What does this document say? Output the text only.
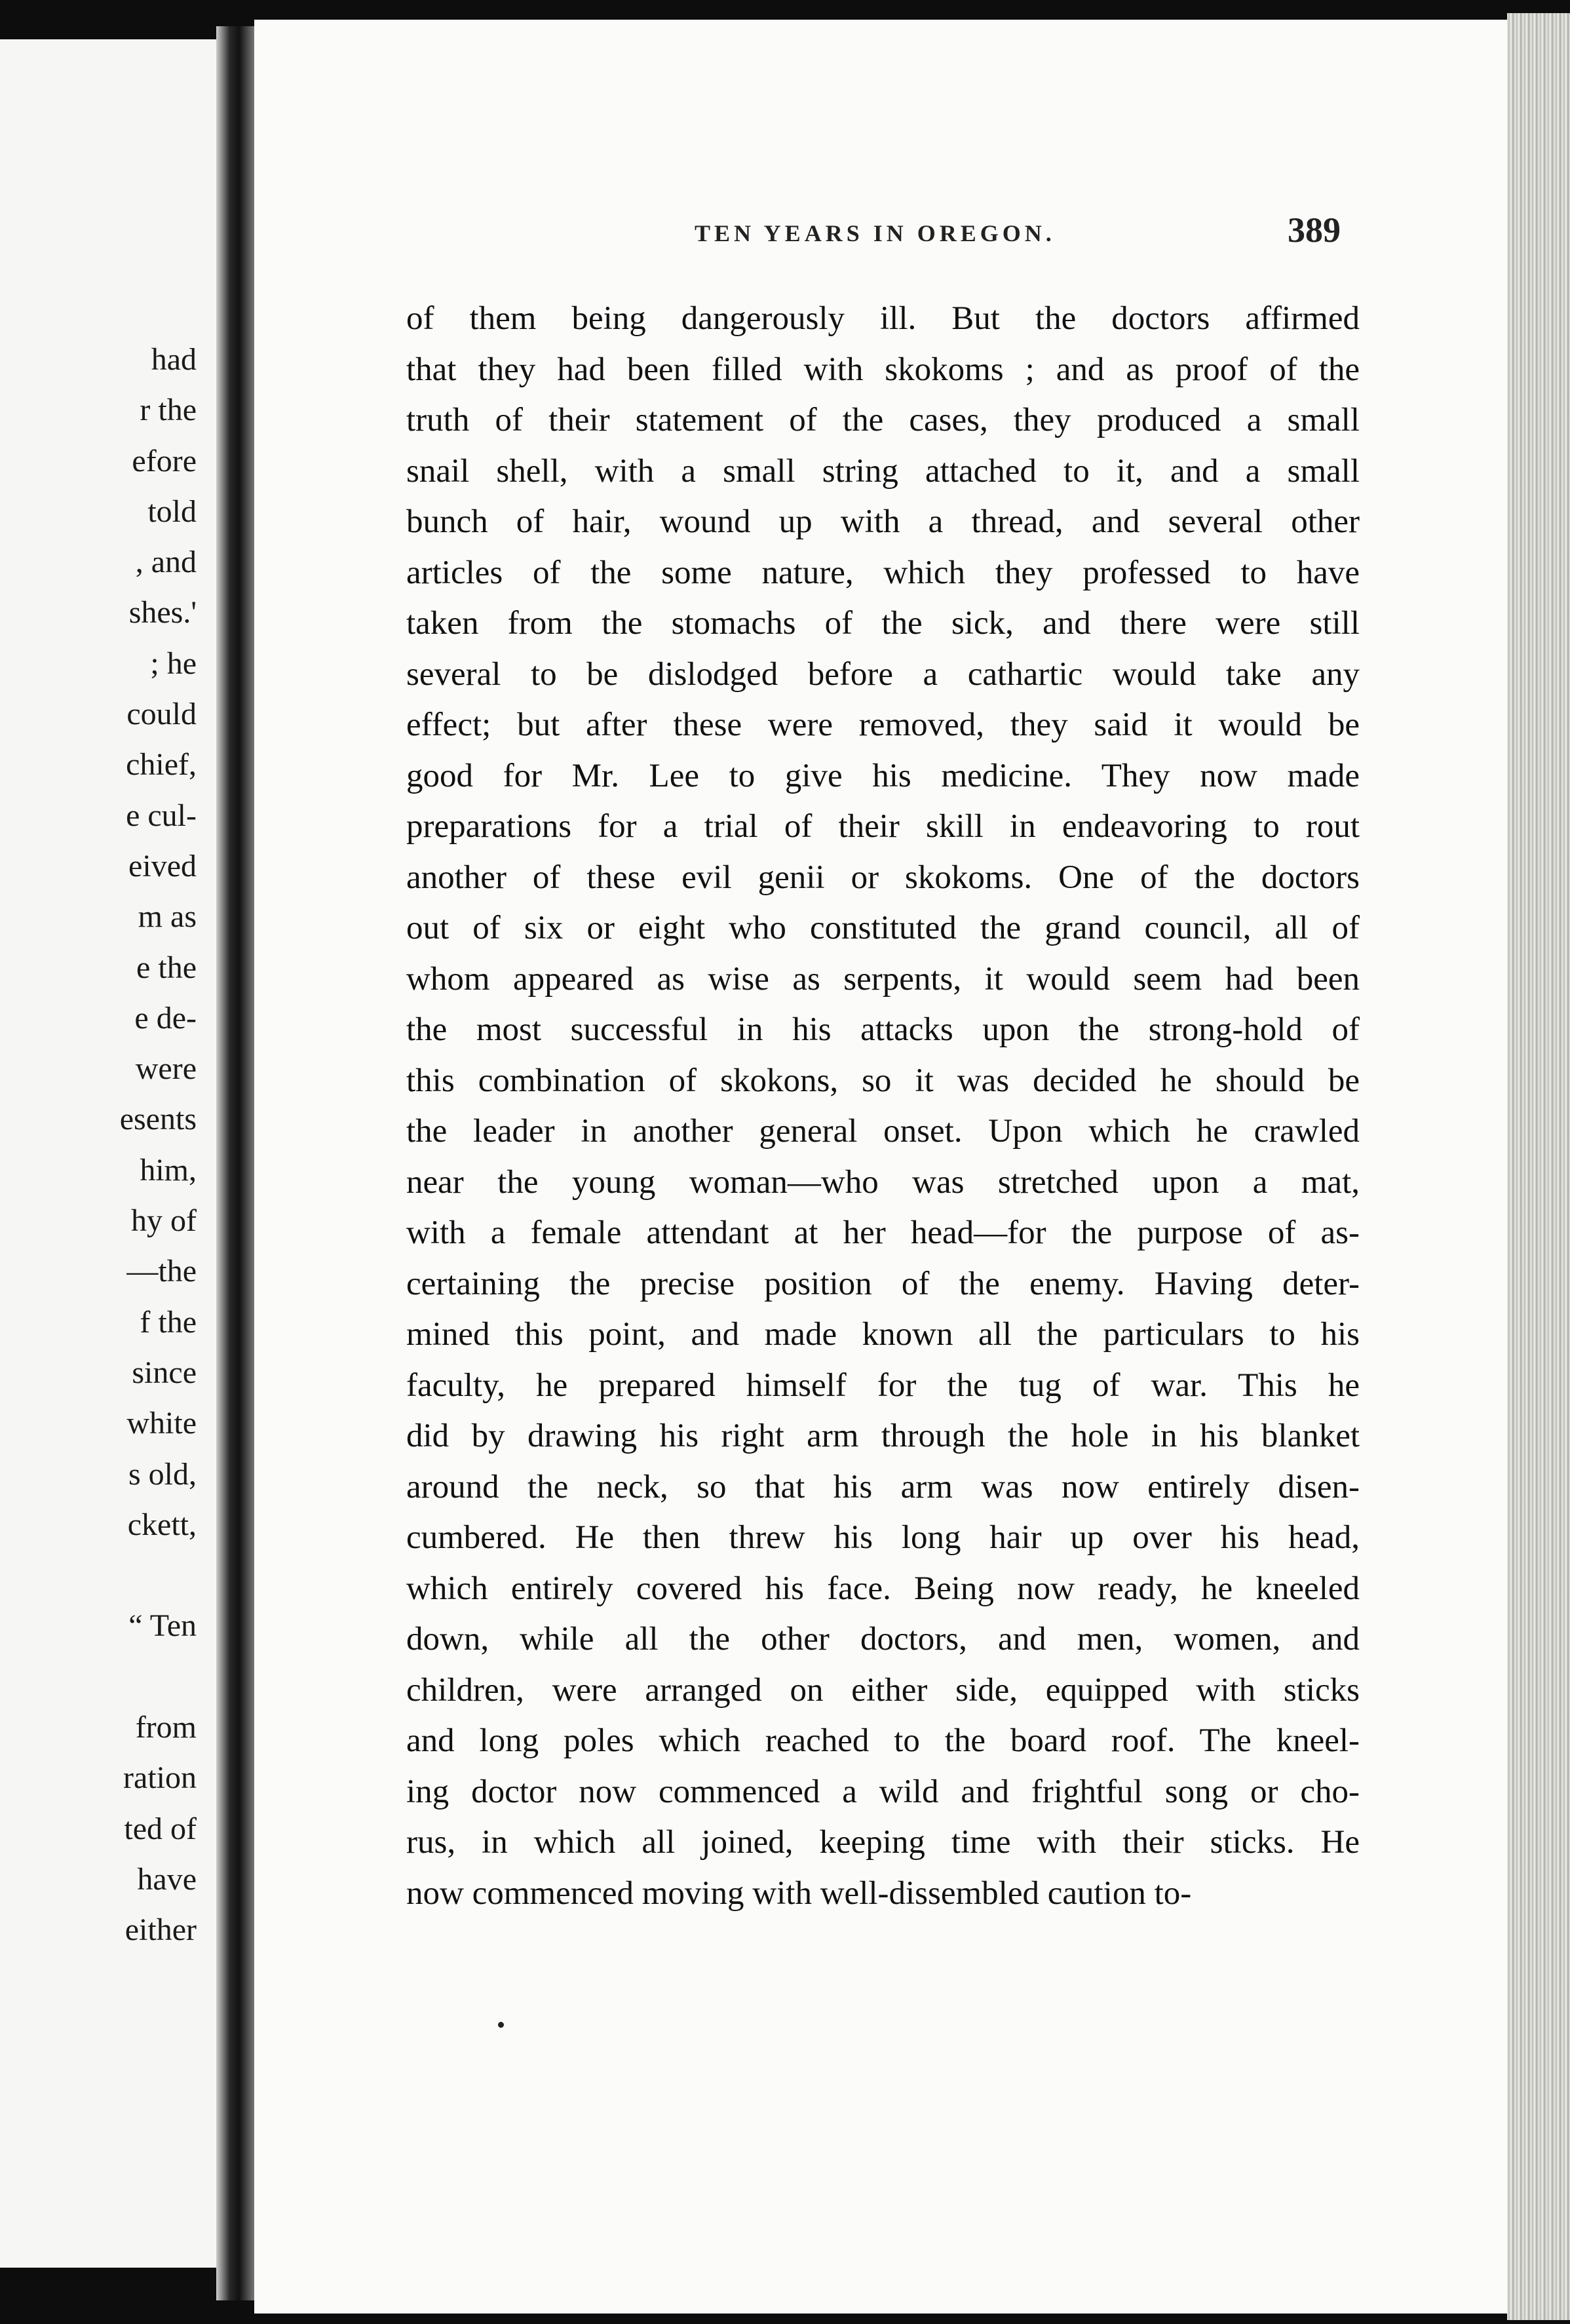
had
r the
efore
told
, and
shes.'
; he
could
chief,
e cul-
eived
m as
e the
e de-
were
esents
him,
hy of
—the
f the
since
white
s old,
ckett,

“ Ten

from
ration
ted of
have
either
TEN YEARS IN OREGON.	389
of them being dangerously ill. But the doctors affirmed
that they had been filled with skokoms ; and as proof of the
truth of their statement of the cases, they produced a small
snail shell, with a small string attached to it, and a small
bunch of hair, wound up with a thread, and several other
articles of the some nature, which they professed to have
taken from the stomachs of the sick, and there were still
several to be dislodged before a cathartic would take any
effect; but after these were removed, they said it would be
good for Mr. Lee to give his medicine. They now made
preparations for a trial of their skill in endeavoring to rout
another of these evil genii or skokoms. One of the doctors
out of six or eight who constituted the grand council, all of
whom appeared as wise as serpents, it would seem had been
the most successful in his attacks upon the strong-hold of
this combination of skokons, so it was decided he should be
the leader in another general onset. Upon which he crawled
near the young woman—who was stretched upon a mat,
with a female attendant at her head—for the purpose of as-
certaining the precise position of the enemy. Having deter-
mined this point, and made known all the particulars to his
faculty, he prepared himself for the tug of war. This he
did by drawing his right arm through the hole in his blanket
around the neck, so that his arm was now entirely disen-
cumbered. He then threw his long hair up over his head,
which entirely covered his face. Being now ready, he kneeled
down, while all the other doctors, and men, women, and
children, were arranged on either side, equipped with sticks
and long poles which reached to the board roof. The kneel-
ing doctor now commenced a wild and frightful song or cho-
rus, in which all joined, keeping time with their sticks. He
now commenced moving with well-dissembled caution to-
